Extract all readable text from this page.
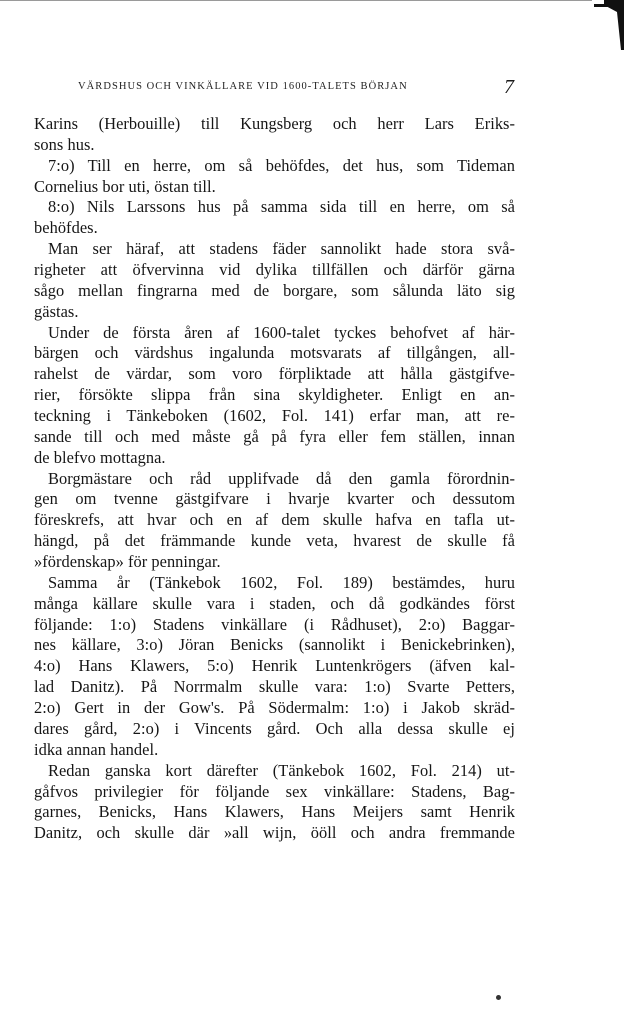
VÄRDSHUS OCH VINKÄLLARE VID 1600-TALETS BÖRJAN	7
Karins (Herbouille) till Kungsberg och herr Lars Eriks-
sons hus.
7:o) Till en herre, om så behöfdes, det hus, som Tideman
Cornelius bor uti, östan till.
8:o) Nils Larssons hus på samma sida till en herre, om så
behöfdes.
Man ser häraf, att stadens fäder sannolikt hade stora svå-
righeter att öfvervinna vid dylika tillfällen och därför gärna
sågo mellan fingrarna med de borgare, som sålunda läto sig
gästas.
Under de första åren af 1600-talet tyckes behofvet af här-
bärgen och värdshus ingalunda motsvarats af tillgången, all-
rahelst de värdar, som voro förpliktade att hålla gästgifve-
rier, försökte slippa från sina skyldigheter. Enligt en an-
teckning i Tänkeboken (1602, Fol. 141) erfar man, att re-
sande till och med måste gå på fyra eller fem ställen, innan
de blefvo mottagna.
Borgmästare och råd upplifvade då den gamla förordnin-
gen om tvenne gästgifvare i hvarje kvarter och dessutom
föreskrefs, att hvar och en af dem skulle hafva en tafla ut-
hängd, på det främmande kunde veta, hvarest de skulle få
»fördenskap» för penningar.
Samma år (Tänkebok 1602, Fol. 189) bestämdes, huru
många källare skulle vara i staden, och då godkändes först
följande: 1:o) Stadens vinkällare (i Rådhuset), 2:o) Baggar-
nes källare, 3:o) Jöran Benicks (sannolikt i Benickebrinken),
4:o) Hans Klawers, 5:o) Henrik Luntenkrögers (äfven kal-
lad Danitz). På Norrmalm skulle vara: 1:o) Svarte Petters,
2:o) Gert in der Gow's. På Södermalm: 1:o) i Jakob skräd-
dares gård, 2:o) i Vincents gård. Och alla dessa skulle ej
idka annan handel.
Redan ganska kort därefter (Tänkebok 1602, Fol. 214) ut-
gåfvos privilegier för följande sex vinkällare: Stadens, Bag-
garnes, Benicks, Hans Klawers, Hans Meijers samt Henrik
Danitz, och skulle där »all wijn, ööll och andra fremmande
